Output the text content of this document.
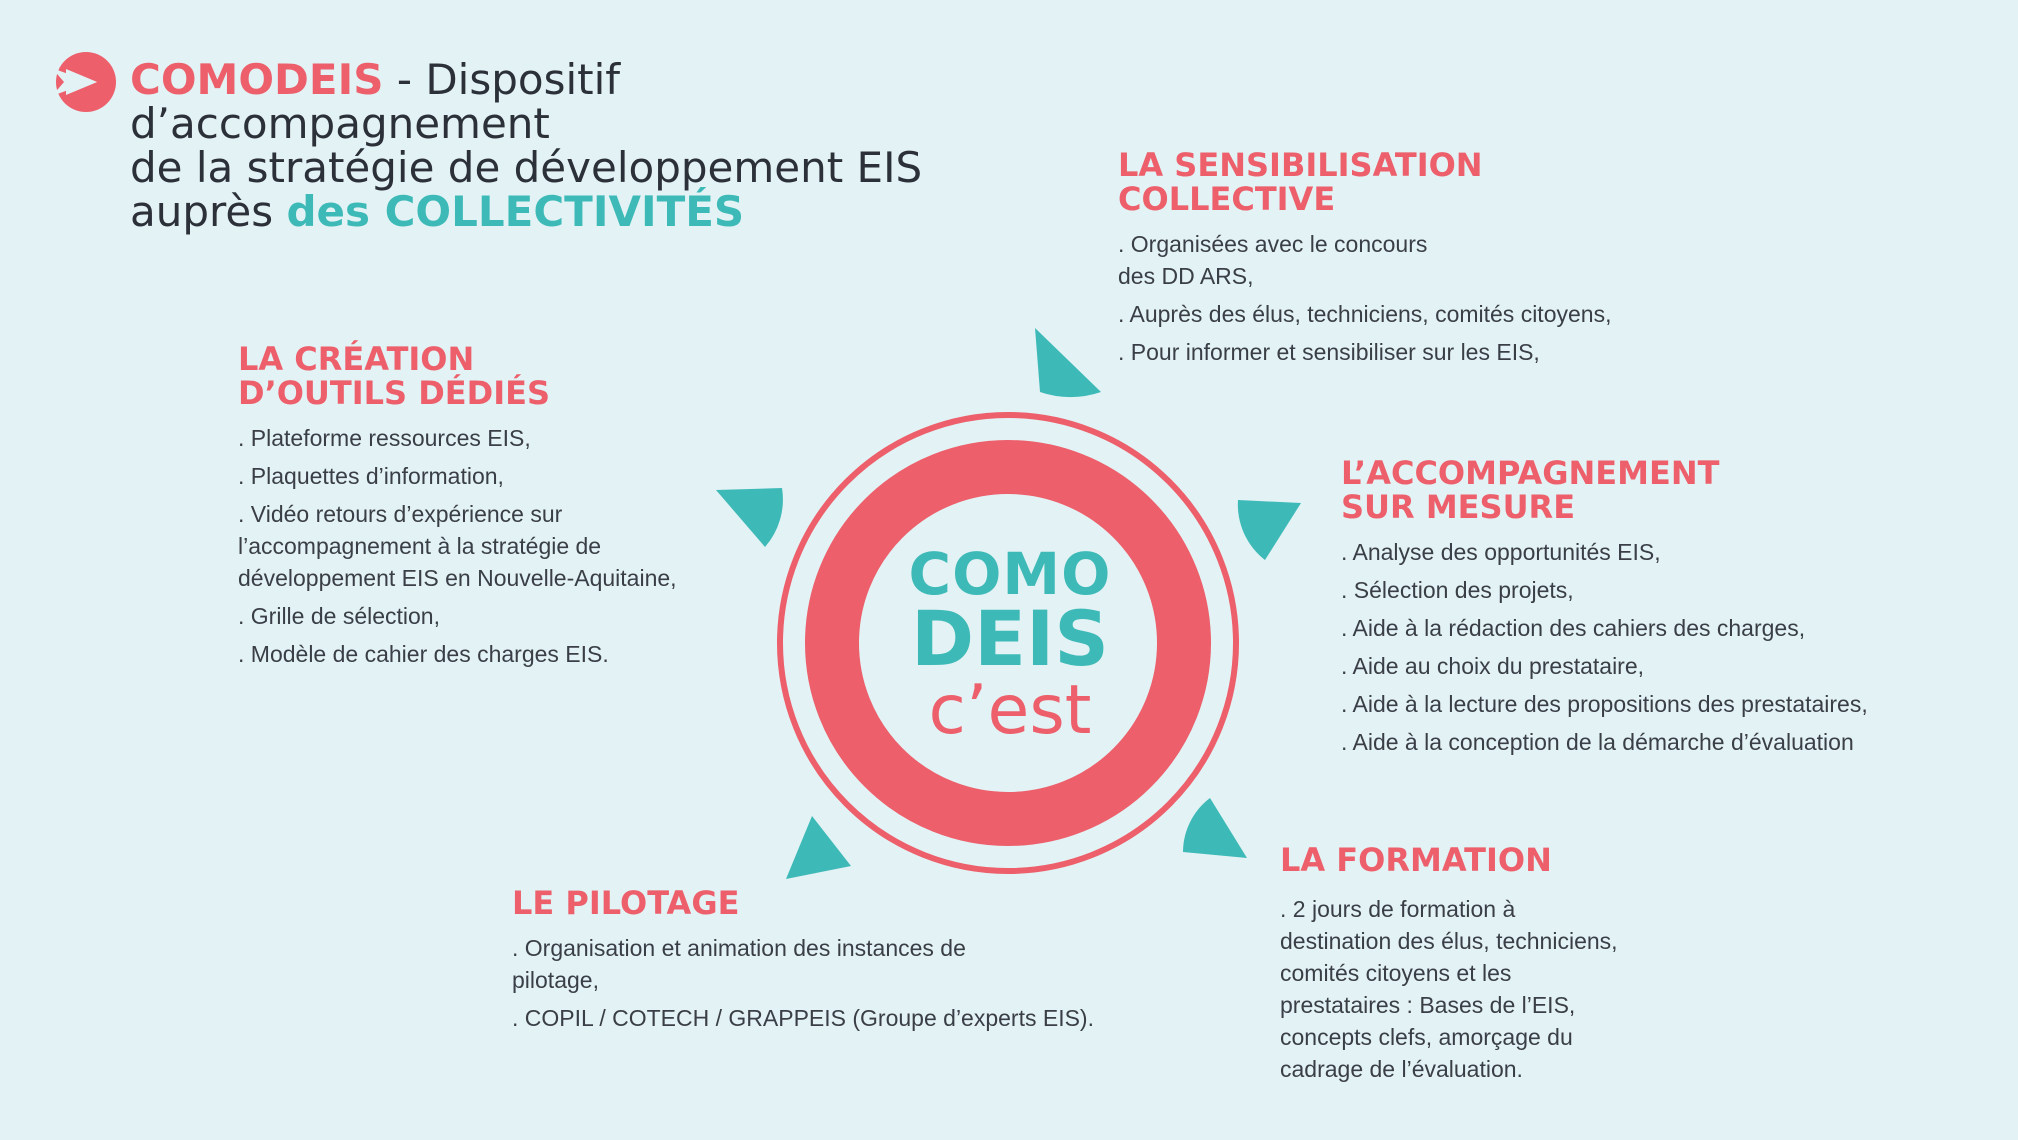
COMODEIS - Dispositif d’accompagnement
de la stratégie de développement EIS
auprès des COLLECTIVITÉS
COMO
DEIS
c’est
LA SENSIBILISATION
COLLECTIVE
. Organisées avec le concours
des DD ARS,
. Auprès des élus, techniciens, comités citoyens,
. Pour informer et sensibiliser sur les EIS,
LA CRÉATION
D’OUTILS DÉDIÉS
. Plateforme ressources EIS,
. Plaquettes d’information,
. Vidéo retours d’expérience sur
l’accompagnement à la stratégie de
développement EIS en Nouvelle-Aquitaine,
. Grille de sélection,
. Modèle de cahier des charges EIS.
L’ACCOMPAGNEMENT
SUR MESURE
. Analyse des opportunités EIS,
. Sélection des projets,
. Aide à la rédaction des cahiers des charges,
. Aide au choix du prestataire,
. Aide à la lecture des propositions des prestataires,
. Aide à la conception de la démarche d’évaluation
LA FORMATION
. 2 jours de formation à
destination des élus, techniciens,
comités citoyens et les
prestataires : Bases de l’EIS,
concepts clefs, amorçage du
cadrage de l’évaluation.
LE PILOTAGE
. Organisation et animation des instances de
pilotage,
. COPIL / COTECH / GRAPPEIS (Groupe d’experts EIS).
